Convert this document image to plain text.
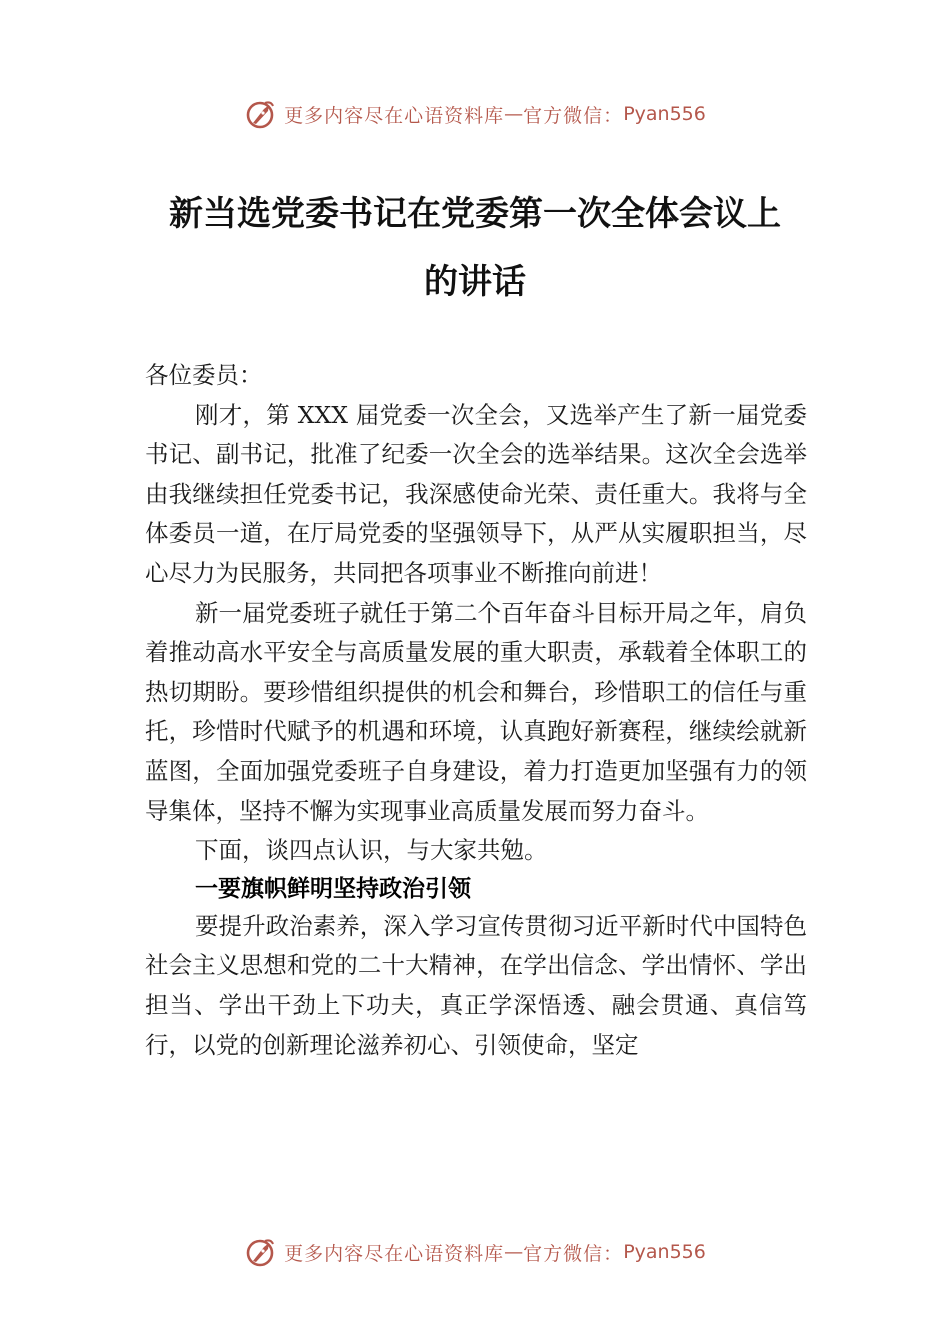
更多内容尽在心语资料库 — 官方微信： Pyan556
新当选党委书记在党委第一次全体会议上
的讲话

各位委员：

刚才，第 XXX 届党委一次全会，又选举产生了新一届党委书记、副书记，批准了纪委一次全会的选举结果。这次全会选举由我继续担任党委书记，我深感使命光荣、责任重大。我将与全体委员一道，在厅局党委的坚强领导下，从严从实履职担当，尽心尽力为民服务，共同把各项事业不断推向前进！

新一届党委班子就任于第二个百年奋斗目标开局之年，肩负着推动高水平安全与高质量发展的重大职责，承载着全体职工的热切期盼。要珍惜组织提供的机会和舞台，珍惜职工的信任与重托，珍惜时代赋予的机遇和环境，认真跑好新赛程，继续绘就新蓝图，全面加强党委班子自身建设，着力打造更加坚强有力的领导集体，坚持不懈为实现事业高质量发展而努力奋斗。

下面，谈四点认识，与大家共勉。

一要旗帜鲜明坚持政治引领

要提升政治素养，深入学习宣传贯彻习近平新时代中国特色社会主义思想和党的二十大精神，在学出信念、学出情怀、学出担当、学出干劲上下功夫，真正学深悟透、融会贯通、真信笃行，以党的创新理论滋养初心、引领使命，坚定

更多内容尽在心语资料库 — 官方微信： Pyan556
